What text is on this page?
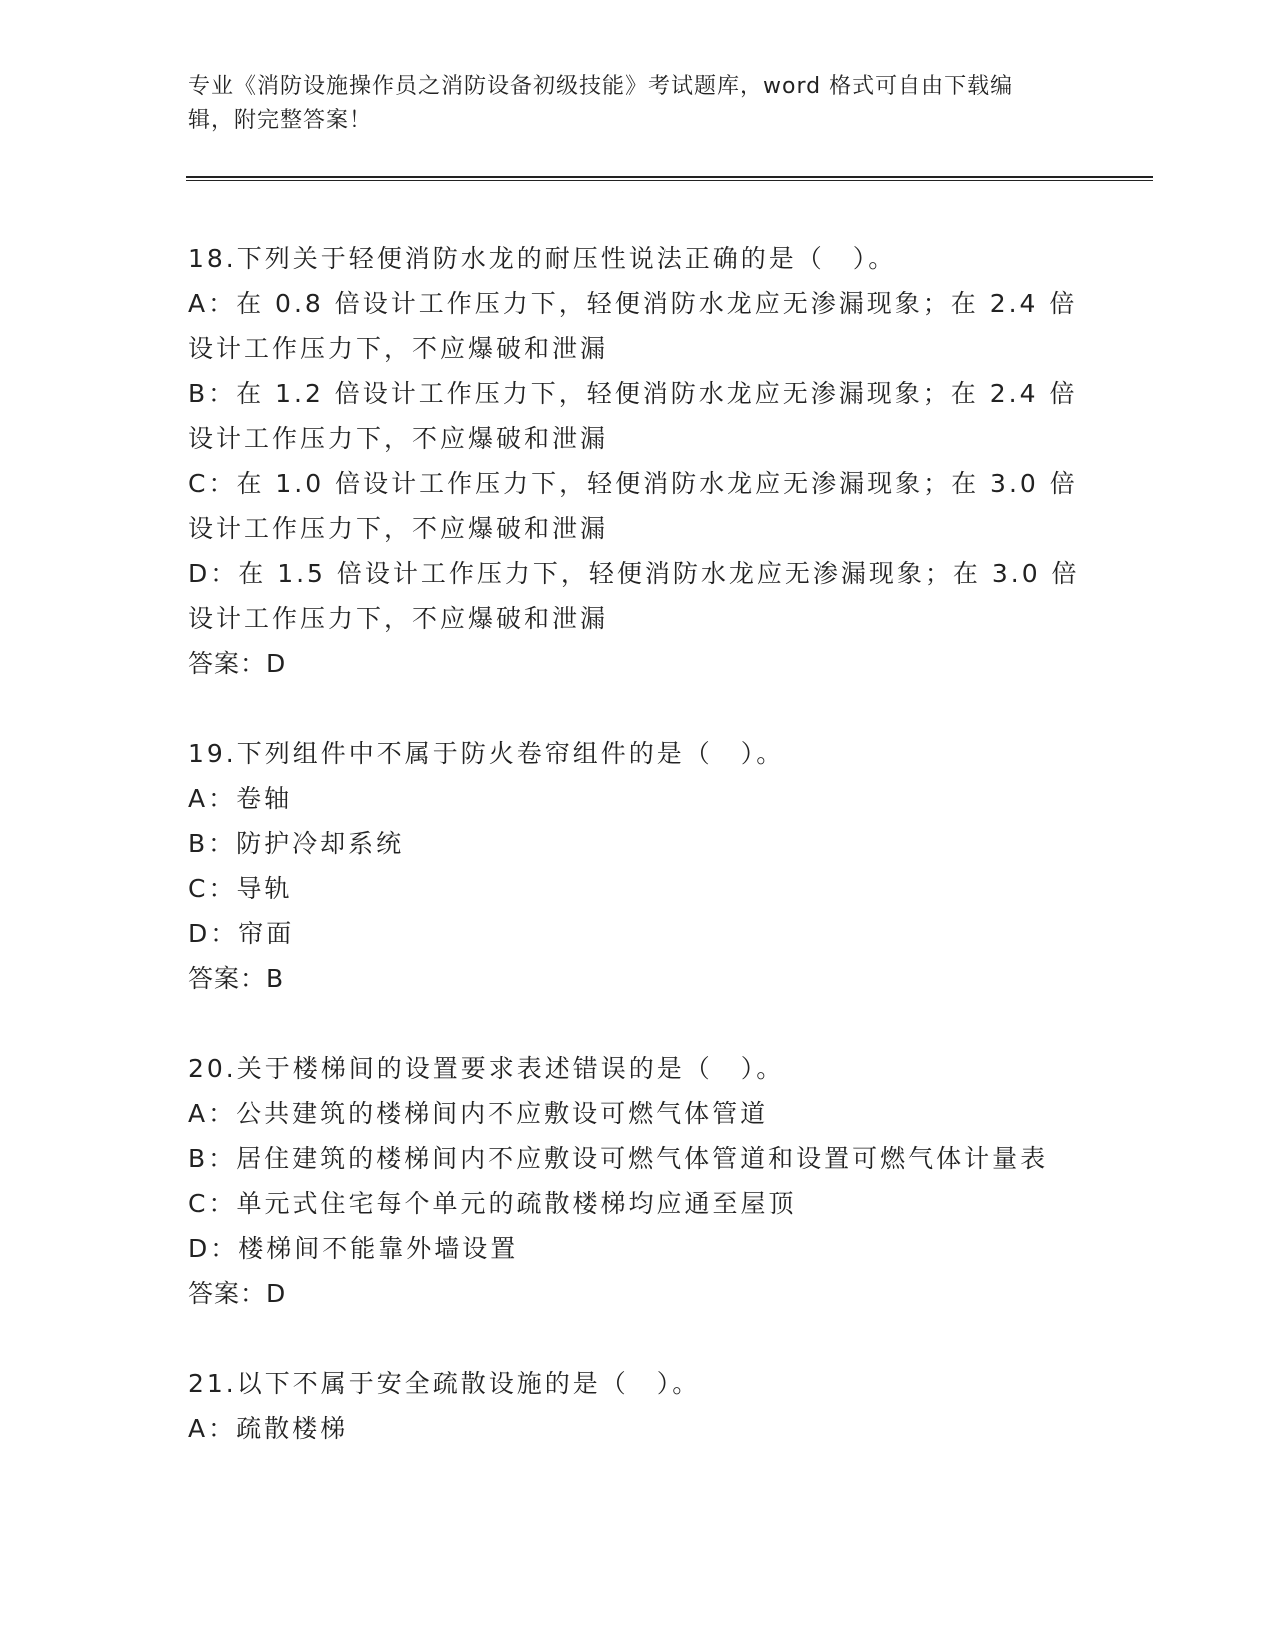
专业《消防设施操作员之消防设备初级技能》考试题库，word 格式可自由下载编
辑，附完整答案！
18.下列关于轻便消防水龙的耐压性说法正确的是（　）。
A：在 0.8 倍设计工作压力下，轻便消防水龙应无渗漏现象；在 2.4 倍设计工作压力下，不应爆破和泄漏
B：在 1.2 倍设计工作压力下，轻便消防水龙应无渗漏现象；在 2.4 倍设计工作压力下，不应爆破和泄漏
C：在 1.0 倍设计工作压力下，轻便消防水龙应无渗漏现象；在 3.0 倍设计工作压力下，不应爆破和泄漏
D：在 1.5 倍设计工作压力下，轻便消防水龙应无渗漏现象；在 3.0 倍设计工作压力下，不应爆破和泄漏
答案：D
19.下列组件中不属于防火卷帘组件的是（　）。
A：卷轴
B：防护冷却系统
C：导轨
D：帘面
答案：B
20.关于楼梯间的设置要求表述错误的是（　）。
A：公共建筑的楼梯间内不应敷设可燃气体管道
B：居住建筑的楼梯间内不应敷设可燃气体管道和设置可燃气体计量表
C：单元式住宅每个单元的疏散楼梯均应通至屋顶
D：楼梯间不能靠外墙设置
答案：D
21.以下不属于安全疏散设施的是（　）。
A：疏散楼梯
